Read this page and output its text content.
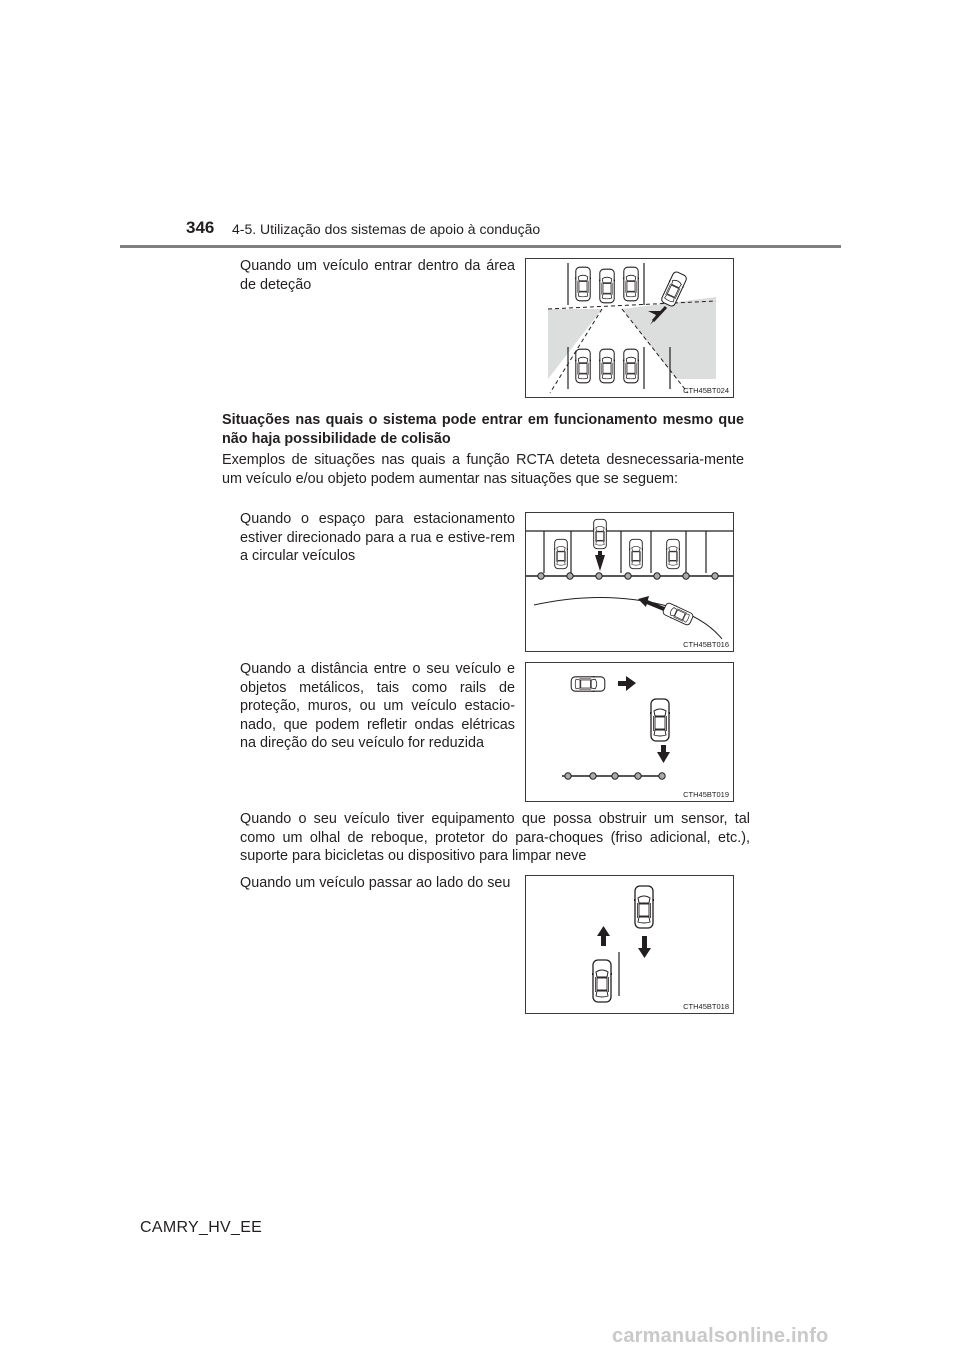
346 4-5. Utilização dos sistemas de apoio à condução
Quando um veículo entrar dentro da área de deteção
CTH45BT024
Situações nas quais o sistema pode entrar em funcionamento mesmo que não haja possibilidade de colisão
Exemplos de situações nas quais a função RCTA deteta desnecessaria-mente um veículo e/ou objeto podem aumentar nas situações que se seguem:
Quando o espaço para estacionamento estiver direcionado para a rua e estive-rem a circular veículos
CTH45BT016
Quando a distância entre o seu veículo e objetos metálicos, tais como rails de proteção, muros, ou um veículo estacio-nado, que podem refletir ondas elétricas na direção do seu veículo for reduzida
CTH45BT019
Quando o seu veículo tiver equipamento que possa obstruir um sensor, tal como um olhal de reboque, protetor do para-choques (friso adicional, etc.), suporte para bicicletas ou dispositivo para limpar neve
Quando um veículo passar ao lado do seu
CTH45BT018
CAMRY_HV_EE
carmanualsonline.info
